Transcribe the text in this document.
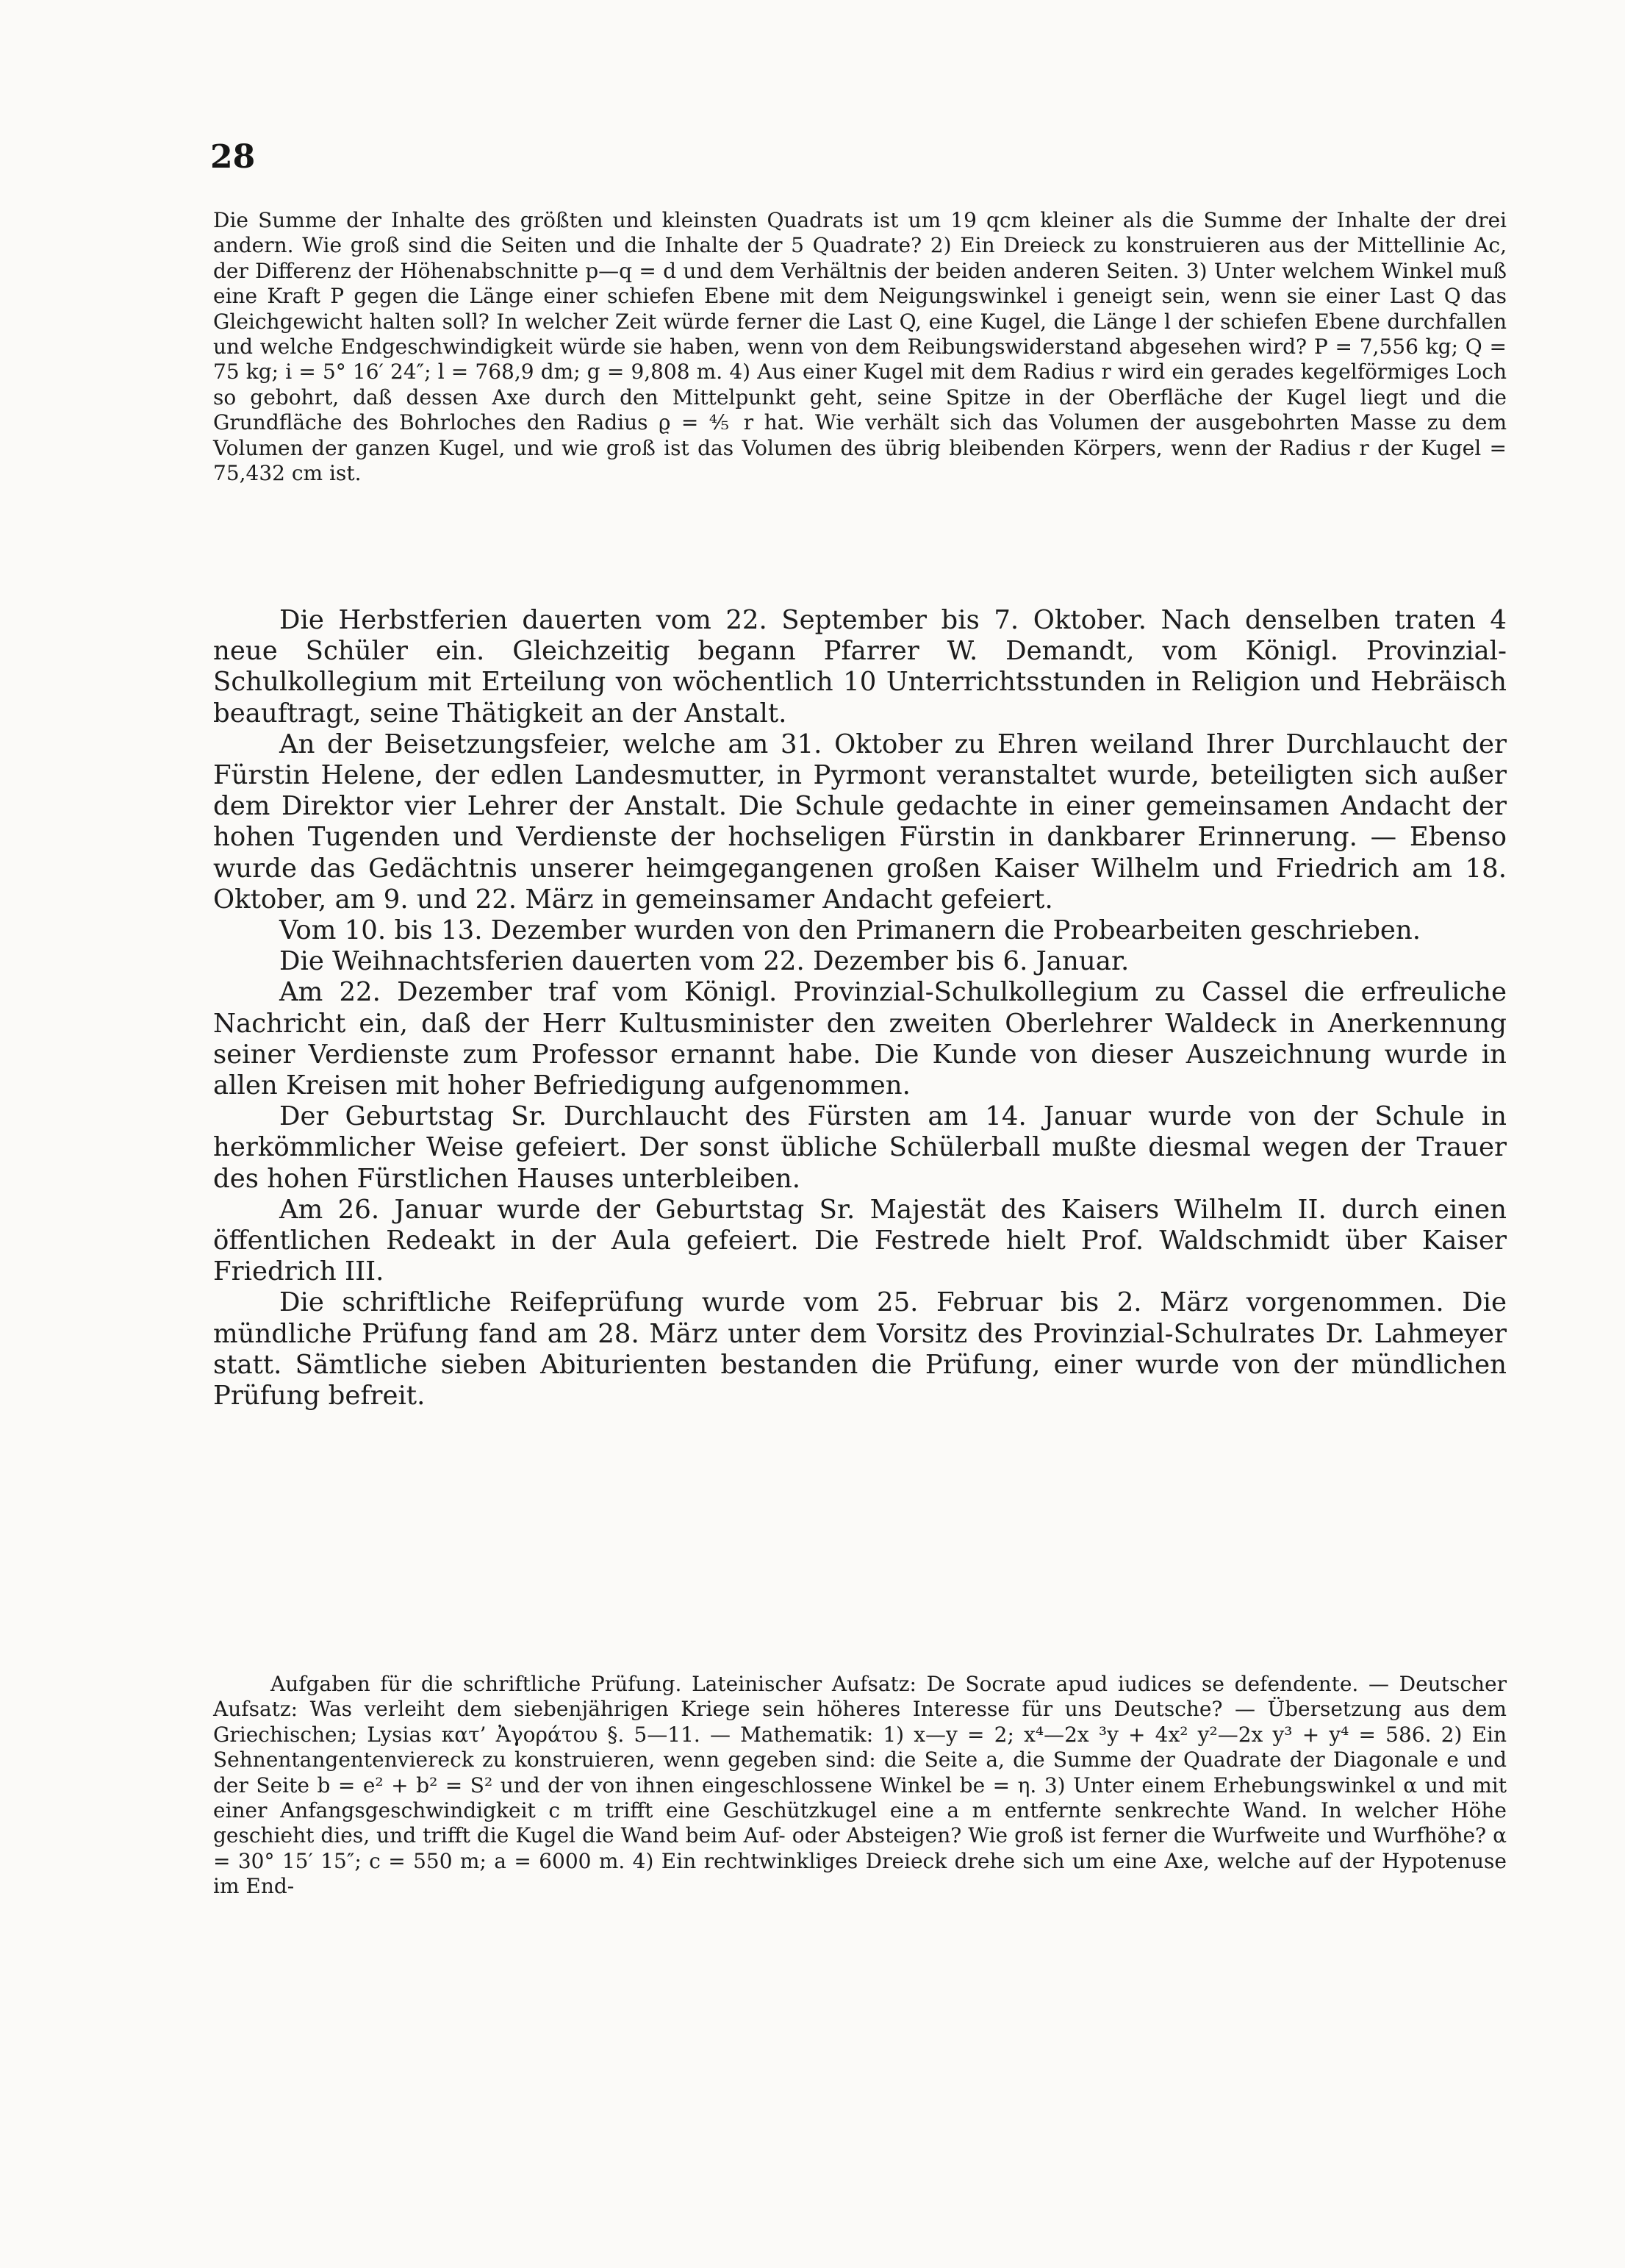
28

Die Summe der Inhalte des größten und kleinsten Quadrats ist um 19 qcm kleiner als die Summe der Inhalte der drei andern. Wie groß sind die Seiten und die Inhalte der 5 Quadrate? 2) Ein Dreieck zu konstruieren aus der Mittellinie Ac, der Differenz der Höhenabschnitte p—q = d und dem Verhältnis der beiden anderen Seiten. 3) Unter welchem Winkel muß eine Kraft P gegen die Länge einer schiefen Ebene mit dem Neigungswinkel i geneigt sein, wenn sie einer Last Q das Gleichgewicht halten soll? In welcher Zeit würde ferner die Last Q, eine Kugel, die Länge l der schiefen Ebene durchfallen und welche Endgeschwindigkeit würde sie haben, wenn von dem Reibungswiderstand abgesehen wird? P = 7,556 kg; Q = 75 kg; i = 5° 16′ 24″; l = 768,9 dm; g = 9,808 m. 4) Aus einer Kugel mit dem Radius r wird ein gerades kegelförmiges Loch so gebohrt, daß dessen Axe durch den Mittelpunkt geht, seine Spitze in der Oberfläche der Kugel liegt und die Grundfläche des Bohrloches den Radius ϱ = ⅘ r hat. Wie verhält sich das Volumen der ausgebohrten Masse zu dem Volumen der ganzen Kugel, und wie groß ist das Volumen des übrig bleibenden Körpers, wenn der Radius r der Kugel = 75,432 cm ist.

Die Herbstferien dauerten vom 22. September bis 7. Oktober. Nach denselben traten 4 neue Schüler ein. Gleichzeitig begann Pfarrer W. Demandt, vom Königl. Provinzial-Schulkollegium mit Erteilung von wöchentlich 10 Unterrichtsstunden in Religion und Hebräisch beauftragt, seine Thätigkeit an der Anstalt.

An der Beisetzungsfeier, welche am 31. Oktober zu Ehren weiland Ihrer Durchlaucht der Fürstin Helene, der edlen Landesmutter, in Pyrmont veranstaltet wurde, beteiligten sich außer dem Direktor vier Lehrer der Anstalt. Die Schule gedachte in einer gemeinsamen Andacht der hohen Tugenden und Verdienste der hochseligen Fürstin in dankbarer Erinnerung. — Ebenso wurde das Gedächtnis unserer heimgegangenen großen Kaiser Wilhelm und Friedrich am 18. Oktober, am 9. und 22. März in gemeinsamer Andacht gefeiert.

Vom 10. bis 13. Dezember wurden von den Primanern die Probearbeiten geschrieben.

Die Weihnachtsferien dauerten vom 22. Dezember bis 6. Januar.

Am 22. Dezember traf vom Königl. Provinzial-Schulkollegium zu Cassel die erfreuliche Nachricht ein, daß der Herr Kultusminister den zweiten Oberlehrer Waldeck in Anerkennung seiner Verdienste zum Professor ernannt habe. Die Kunde von dieser Auszeichnung wurde in allen Kreisen mit hoher Befriedigung aufgenommen.

Der Geburtstag Sr. Durchlaucht des Fürsten am 14. Januar wurde von der Schule in herkömmlicher Weise gefeiert. Der sonst übliche Schülerball mußte diesmal wegen der Trauer des hohen Fürstlichen Hauses unterbleiben.

Am 26. Januar wurde der Geburtstag Sr. Majestät des Kaisers Wilhelm II. durch einen öffentlichen Redeakt in der Aula gefeiert. Die Festrede hielt Prof. Waldschmidt über Kaiser Friedrich III.

Die schriftliche Reifeprüfung wurde vom 25. Februar bis 2. März vorgenommen. Die mündliche Prüfung fand am 28. März unter dem Vorsitz des Provinzial-Schulrates Dr. Lahmeyer statt. Sämtliche sieben Abiturienten bestanden die Prüfung, einer wurde von der mündlichen Prüfung befreit.

Aufgaben für die schriftliche Prüfung. Lateinischer Aufsatz: De Socrate apud iudices se defendente. — Deutscher Aufsatz: Was verleiht dem siebenjährigen Kriege sein höheres Interesse für uns Deutsche? — Übersetzung aus dem Griechischen; Lysias κατ’ Ἀγοράτου §. 5—11. — Mathematik: 1) x—y = 2; x⁴—2x ³y + 4x² y²—2x y³ + y⁴ = 586. 2) Ein Sehnentangentenviereck zu konstruieren, wenn gegeben sind: die Seite a, die Summe der Quadrate der Diagonale e und der Seite b = e² + b² = S² und der von ihnen eingeschlossene Winkel be = η. 3) Unter einem Erhebungswinkel α und mit einer Anfangsgeschwindigkeit c m trifft eine Geschützkugel eine a m entfernte senkrechte Wand. In welcher Höhe geschieht dies, und trifft die Kugel die Wand beim Auf- oder Absteigen? Wie groß ist ferner die Wurfweite und Wurfhöhe? α = 30° 15′ 15″; c = 550 m; a = 6000 m. 4) Ein rechtwinkliges Dreieck drehe sich um eine Axe, welche auf der Hypotenuse im End-
